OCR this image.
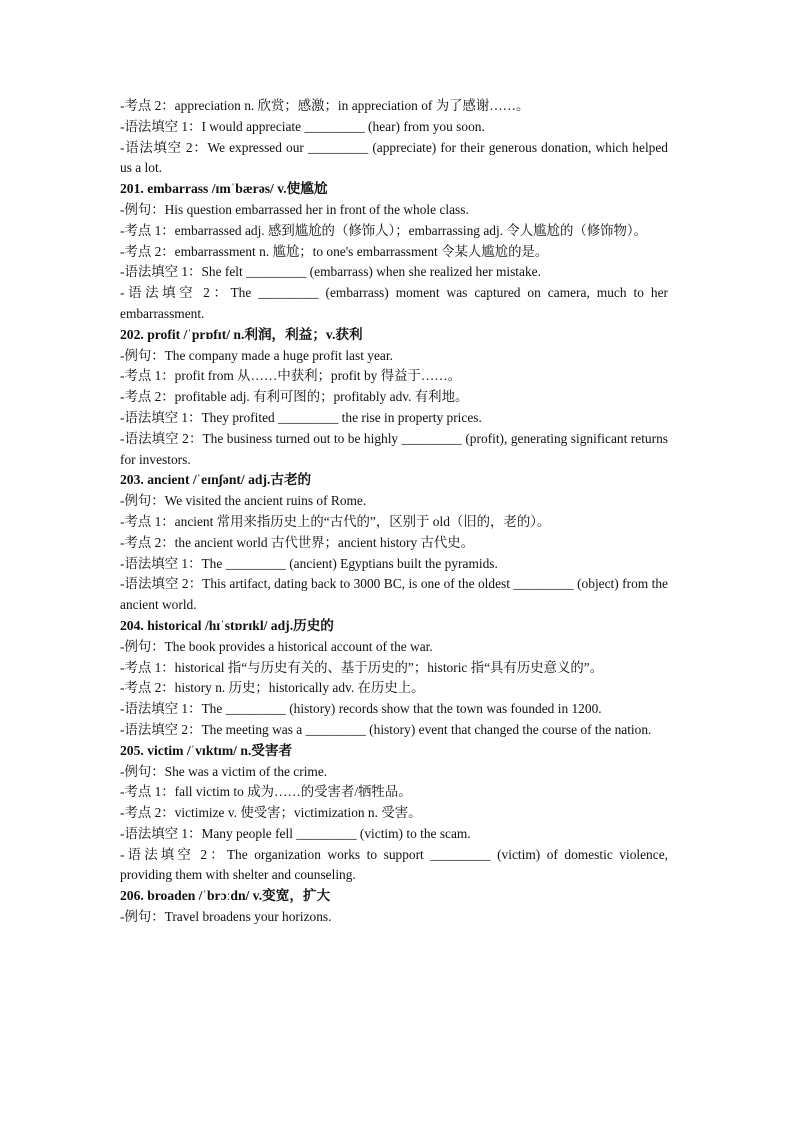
-考点 2：appreciation n. 欣赏；感激；in appreciation of 为了感谢……。
-语法填空 1：I would appreciate _________ (hear) from you soon.
-语法填空 2：We expressed our _________ (appreciate) for their generous donation, which helped us a lot.
201. embarrass /ɪmˈbærəs/ v.使尴尬
-例句：His question embarrassed her in front of the whole class.
-考点 1：embarrassed adj. 感到尴尬的（修饰人）；embarrassing adj. 令人尴尬的（修饰物）。
-考点 2：embarrassment n. 尴尬；to one's embarrassment 令某人尴尬的是。
-语法填空 1：She felt _________ (embarrass) when she realized her mistake.
-语法填空 2：The _________ (embarrass) moment was captured on camera, much to her embarrassment.
202. profit /ˈprɒfɪt/ n.利润，利益；v.获利
-例句：The company made a huge profit last year.
-考点 1：profit from 从……中获利；profit by 得益于……。
-考点 2：profitable adj. 有利可图的；profitably adv. 有利地。
-语法填空 1：They profited _________ the rise in property prices.
-语法填空 2：The business turned out to be highly _________ (profit), generating significant returns for investors.
203. ancient /ˈeɪnʃənt/ adj.古老的
-例句：We visited the ancient ruins of Rome.
-考点 1：ancient 常用来指历史上的“古代的”，区别于 old（旧的，老的）。
-考点 2：the ancient world 古代世界；ancient history 古代史。
-语法填空 1：The _________ (ancient) Egyptians built the pyramids.
-语法填空 2：This artifact, dating back to 3000 BC, is one of the oldest _________ (object) from the ancient world.
204. historical /hɪˈstɒrɪkl/ adj.历史的
-例句：The book provides a historical account of the war.
-考点 1：historical 指“与历史有关的、基于历史的”；historic 指“具有历史意义的”。
-考点 2：history n. 历史；historically adv. 在历史上。
-语法填空 1：The _________ (history) records show that the town was founded in 1200.
-语法填空 2：The meeting was a _________ (history) event that changed the course of the nation.
205. victim /ˈvɪktɪm/ n.受害者
-例句：She was a victim of the crime.
-考点 1：fall victim to 成为……的受害者/牺牲品。
-考点 2：victimize v. 使受害；victimization n. 受害。
-语法填空 1：Many people fell _________ (victim) to the scam.
-语法填空 2：The organization works to support _________ (victim) of domestic violence, providing them with shelter and counseling.
206. broaden /ˈbrɔːdn/ v.变宽，扩大
-例句：Travel broadens your horizons.
